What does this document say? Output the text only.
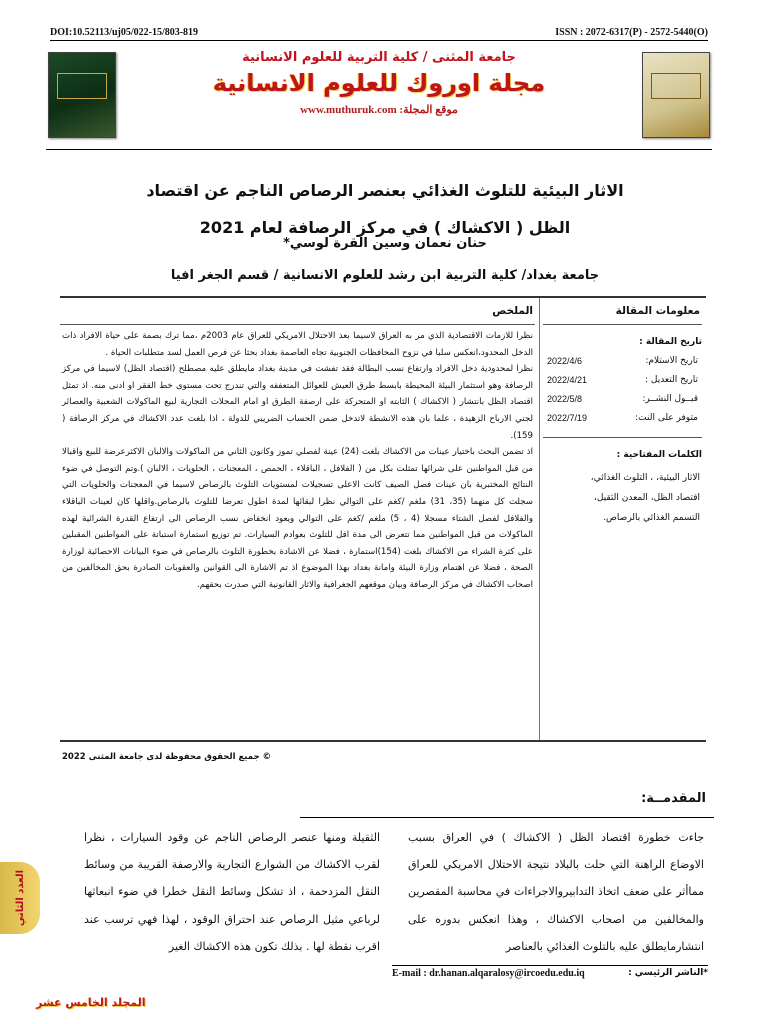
DOI:10.52113/uj05/022-15/803-819	ISSN : 2072-6317(P) - 2572-5440(O)
جامعة المثنى / كلية التربية للعلوم الانسانية
مجلة اوروك للعلوم الانسانية
www.muthuruk.com موقع المجلة:
الاثار البيئية للتلوث الغذائي بعنصر الرصاص الناجم عن اقتصاد
الظل ( الاكشاك ) في مركز الرصافة لعام 2021
حنان نعمان وسين القرة لوسي*
جامعة بغداد/ كلية التربية ابن رشد للعلوم الانسانية / قسم الجغر افيا
الملخص

نظرا للازمات الاقتصادية الذي مر به العراق لاسيما بعد الاحتلال الامريكي للعراق عام 2003م ،مما ترك بصمة على حياة الافراد ذات الدخل المحدود،انعكس سلبا في نزوح المحافظات الجنوبية تجاه العاصمة بغداد بحثا عن فرص العمل لسد متطلبات الحياة .

نظرا لمحدودية دخل الافراد وارتفاع نسب البطالة فقد تفشت في مدينة بغداد مايطلق عليه مصطلح (اقتصاد الظل) لاسيما في مركز الرصافة وهو استثمار البيئة المحيطة بابسط طرق العيش للعوائل المتعففه والتي تندرج تحت مستوى خط الفقر او ادنى منه. اذ تمثل اقتصاد الظل بانتشار ( الاكشاك ) الثابته او المتحركة على ارصفة الطرق او امام المحلات التجارية لبيع الماكولات الشعبية والعصائر لجني الارباح الزهيدة ، علما بان هذه الانشطة لاتدخل ضمن الحساب الضريبي للدولة ، اذا بلغت عدد الاكشاك في مركز الرصافة ( 159).

اذ تضمن البحث باختيار عينات من الاكشاك بلغت (24) عينة لفصلي تموز وكانون الثاني من الماكولات والالبان الاكثرعرضة للبيع واقبالا من قبل المواطنين على شرائها تمثلت بكل من ( الفلافل ، الباقلاء ، الحمص ، المعجنات ، الحلويات ، الالبان ).وتم التوصل في ضوء النتائج المختبرية بان عينات فصل الصيف كانت الاعلى تسجيلات لمستويات التلوث بالرصاص لاسيما في المعجنات والحلويات التي سجلت كل منهما (35، 31) ملغم /كغم على التوالي نظرا لبقائها لمدة اطول تعرضا للتلوث بالرصاص.واقلها كان لعينات الباقلاء والفلافل لفصل الشتاء مسجلا (4 ، 5) ملغم /كغم على التوالي ويعود انخفاض نسب الرصاص الى ارتفاع القدرة الشرائية لهذه الماكولات من قبل المواطنين مما تتعرض الى مدة اقل للتلوث بعوادم السيارات. تم توزيع استمارة استبانة على المواطنين المقبلين على كثرة الشراء من الاكشاك بلغت (154)استمارة ، فضلا عن الاشادة بخطورة التلوث بالرصاص في ضوء البيانات الاحصائية لوزارة الصحة ، فضلا عن اهتمام وزارة البيئة وامانة بغداد بهذا الموضوع اذ تم الاشارة الى القوانين والعقوبات الصادرة بحق المخالفين من اصحاب الاكشاك في مركز الرصافة وبيان موقعهم الجغرافية والاثار القانونية التي صدرت بحقهم.

معلومات المقالة
تاريخ المقالة :
تاريخ الاستلام:
2022/4/6
تاريخ التعديل :
2022/4/21
قبــول النشــر:
2022/5/8
متوفر على النت:
2022/7/19
الكلمات المفتاحية :
الاثار البيئية، ، التلوث الغذائي،
اقتصاد الظل، المعدن الثقيل،
التسمم الغذائي بالرصاص.
© جميع الحقوق محفوظة لدى جامعة المثنى 2022
المقدمــة:
جاءت خطورة اقتصاد الظل ( الاكشاك ) في العراق بسبب الاوضاع الراهنة التي حلت بالبلاد نتيجة الاحتلال الامريكي للعراق مماأثر على ضعف اتخاذ التدابيروالاجراءات في محاسبة المقصرين والمخالفين من اصحاب الاكشاك ، وهذا انعكس بدوره على انتشارمايطلق عليه بالتلوث الغذائي بالعناصر
الثقيلة ومنها عنصر الرصاص الناجم عن وقود السيارات ، نظرا لقرب الاكشاك من الشوارع التجارية والارصفة القريبة من وسائط النقل المزدحمة ، اذ تشكل وسائط النقل خطرا في ضوء انبعاثها لرباعي مثيل الرصاص عند احتراق الوقود ، لهذا فهي ترسب عند اقرب نقطة لها . بذلك تكون هذه الاكشاك الغير
E-mail : dr.hanan.alqaralosy@ircoedu.edu.iq	*الناشر الرئيسي :
العدد الثاني
المجلد الخامس عشر
